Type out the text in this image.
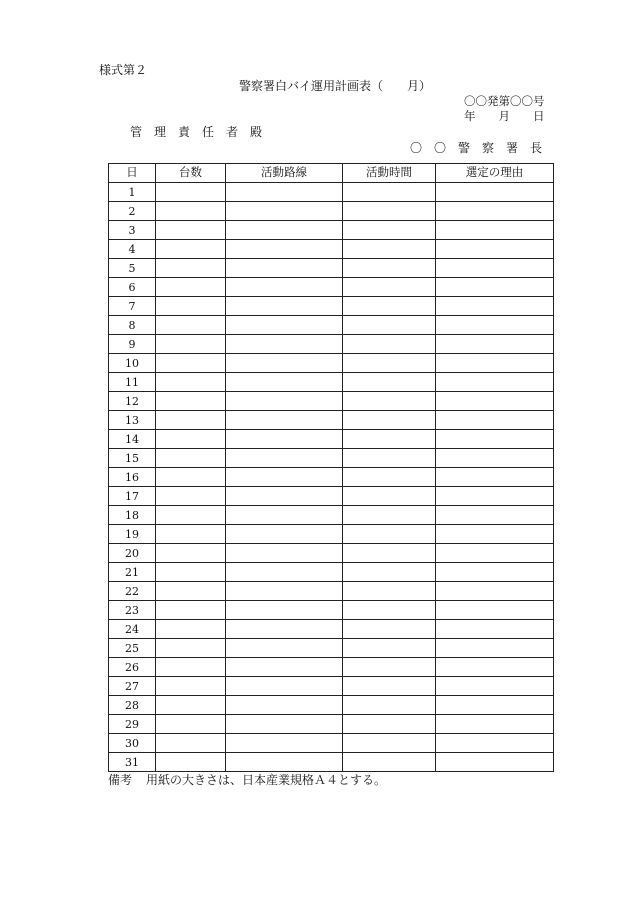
様式第２
警察署白バイ運用計画表（　　月）
〇〇発第〇〇号
年　　月　　日
管　理　責　任　者　殿
〇　〇　警　察　署　長
日	台数	活動路線	活動時間	選定の理由
1				
2				
3				
4				
5				
6				
7				
8				
9				
10				
11				
12				
13				
14				
15				
16				
17				
18				
19				
20				
21				
22				
23				
24				
25				
26				
27				
28				
29				
30				
31				
備考 用紙の大きさは、日本産業規格Ａ４とする。
